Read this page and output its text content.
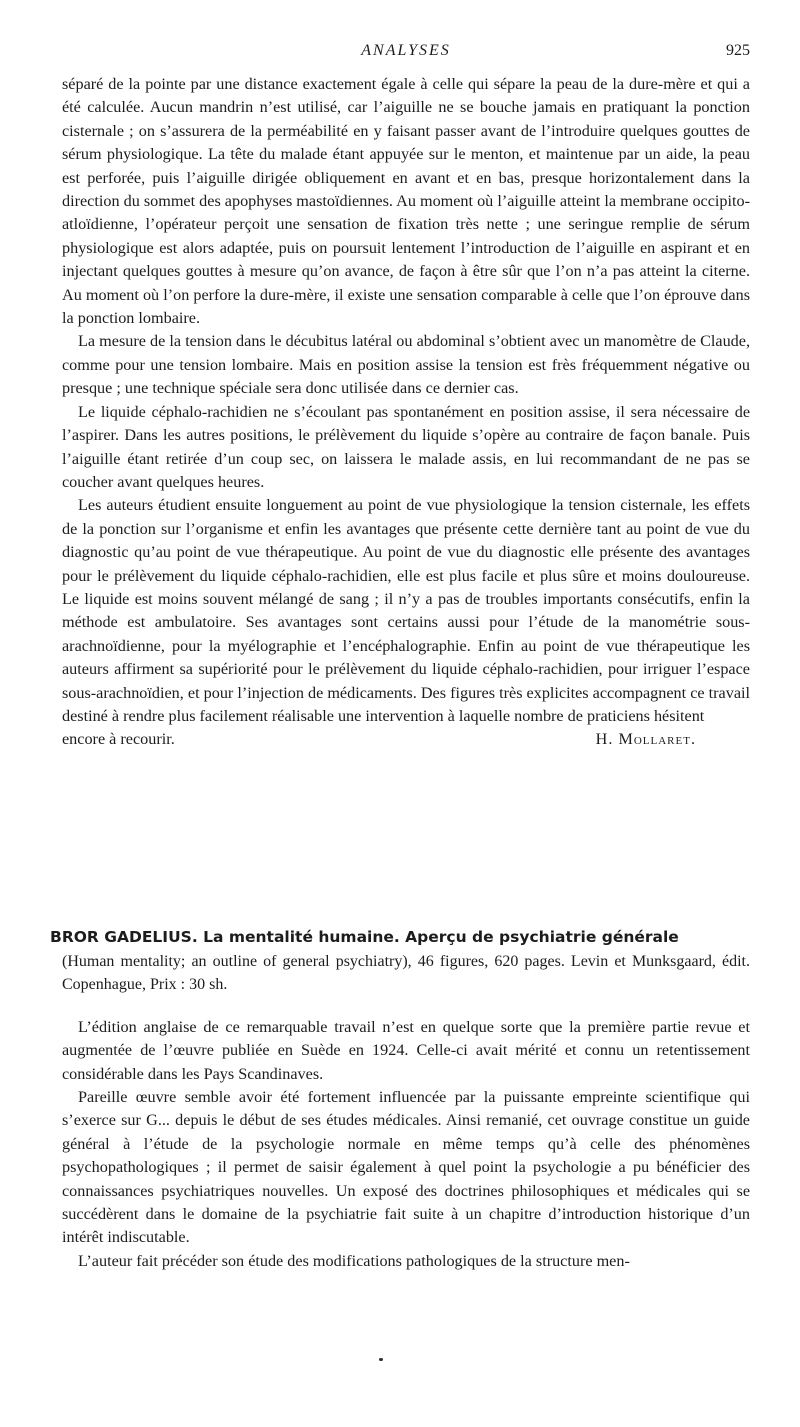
ANALYSES	925

séparé de la pointe par une distance exactement égale à celle qui sépare la peau de la dure-mère et qui a été calculée. Aucun mandrin n’est utilisé, car l’aiguille ne se bouche jamais en pratiquant la ponction cisternale ; on s’assurera de la perméabilité en y faisant passer avant de l’introduire quelques gouttes de sérum physiologique. La tête du malade étant appuyée sur le menton, et maintenue par un aide, la peau est perforée, puis l’aiguille dirigée obliquement en avant et en bas, presque horizontalement dans la direction du sommet des apophyses mastoïdiennes. Au moment où l’aiguille atteint la membrane occipito-atloïdienne, l’opérateur perçoit une sensation de fixation très nette ; une seringue remplie de sérum physiologique est alors adaptée, puis on poursuit lentement l’introduction de l’aiguille en aspirant et en injectant quelques gouttes à mesure qu’on avance, de façon à être sûr que l’on n’a pas atteint la citerne. Au moment où l’on perfore la dure-mère, il existe une sensation comparable à celle que l’on éprouve dans la ponction lombaire.

La mesure de la tension dans le décubitus latéral ou abdominal s’obtient avec un manomètre de Claude, comme pour une tension lombaire. Mais en position assise la tension est frès fréquemment négative ou presque ; une technique spéciale sera donc utilisée dans ce dernier cas.

Le liquide céphalo-rachidien ne s’écoulant pas spontanément en position assise, il sera nécessaire de l’aspirer. Dans les autres positions, le prélèvement du liquide s’opère au contraire de façon banale. Puis l’aiguille étant retirée d’un coup sec, on laissera le malade assis, en lui recommandant de ne pas se coucher avant quelques heures.

Les auteurs étudient ensuite longuement au point de vue physiologique la tension cisternale, les effets de la ponction sur l’organisme et enfin les avantages que présente cette dernière tant au point de vue du diagnostic qu’au point de vue thérapeutique. Au point de vue du diagnostic elle présente des avantages pour le prélèvement du liquide céphalo-rachidien, elle est plus facile et plus sûre et moins douloureuse. Le liquide est moins souvent mélangé de sang ; il n’y a pas de troubles importants consécutifs, enfin la méthode est ambulatoire. Ses avantages sont certains aussi pour l’étude de la manométrie sous-arachnoïdienne, pour la myélographie et l’encéphalographie. Enfin au point de vue thérapeutique les auteurs affirment sa supériorité pour le prélèvement du liquide céphalo-rachidien, pour irriguer l’espace sous-arachnoïdien, et pour l’injection de médicaments. Des figures très explicites accompagnent ce travail destiné à rendre plus facilement réalisable une intervention à laquelle nombre de praticiens hésitent

encore à recourir.	H. Mollaret.
BROR GADELIUS. La mentalité humaine. Aperçu de psychiatrie générale
(Human mentality; an outline of general psychiatry), 46 figures, 620 pages. Levin et Munksgaard, édit. Copenhague, Prix : 30 sh.

L’édition anglaise de ce remarquable travail n’est en quelque sorte que la première partie revue et augmentée de l’œuvre publiée en Suède en 1924. Celle-ci avait mérité et connu un retentissement considérable dans les Pays Scandinaves.

Pareille œuvre semble avoir été fortement influencée par la puissante empreinte scientifique qui s’exerce sur G... depuis le début de ses études médicales. Ainsi remanié, cet ouvrage constitue un guide général à l’étude de la psychologie normale en même temps qu’à celle des phénomènes psychopathologiques ; il permet de saisir également à quel point la psychologie a pu bénéficier des connaissances psychiatriques nouvelles. Un exposé des doctrines philosophiques et médicales qui se succédèrent dans le domaine de la psychiatrie fait suite à un chapitre d’introduction historique d’un intérêt indiscutable.

L’auteur fait précéder son étude des modifications pathologiques de la structure men-
